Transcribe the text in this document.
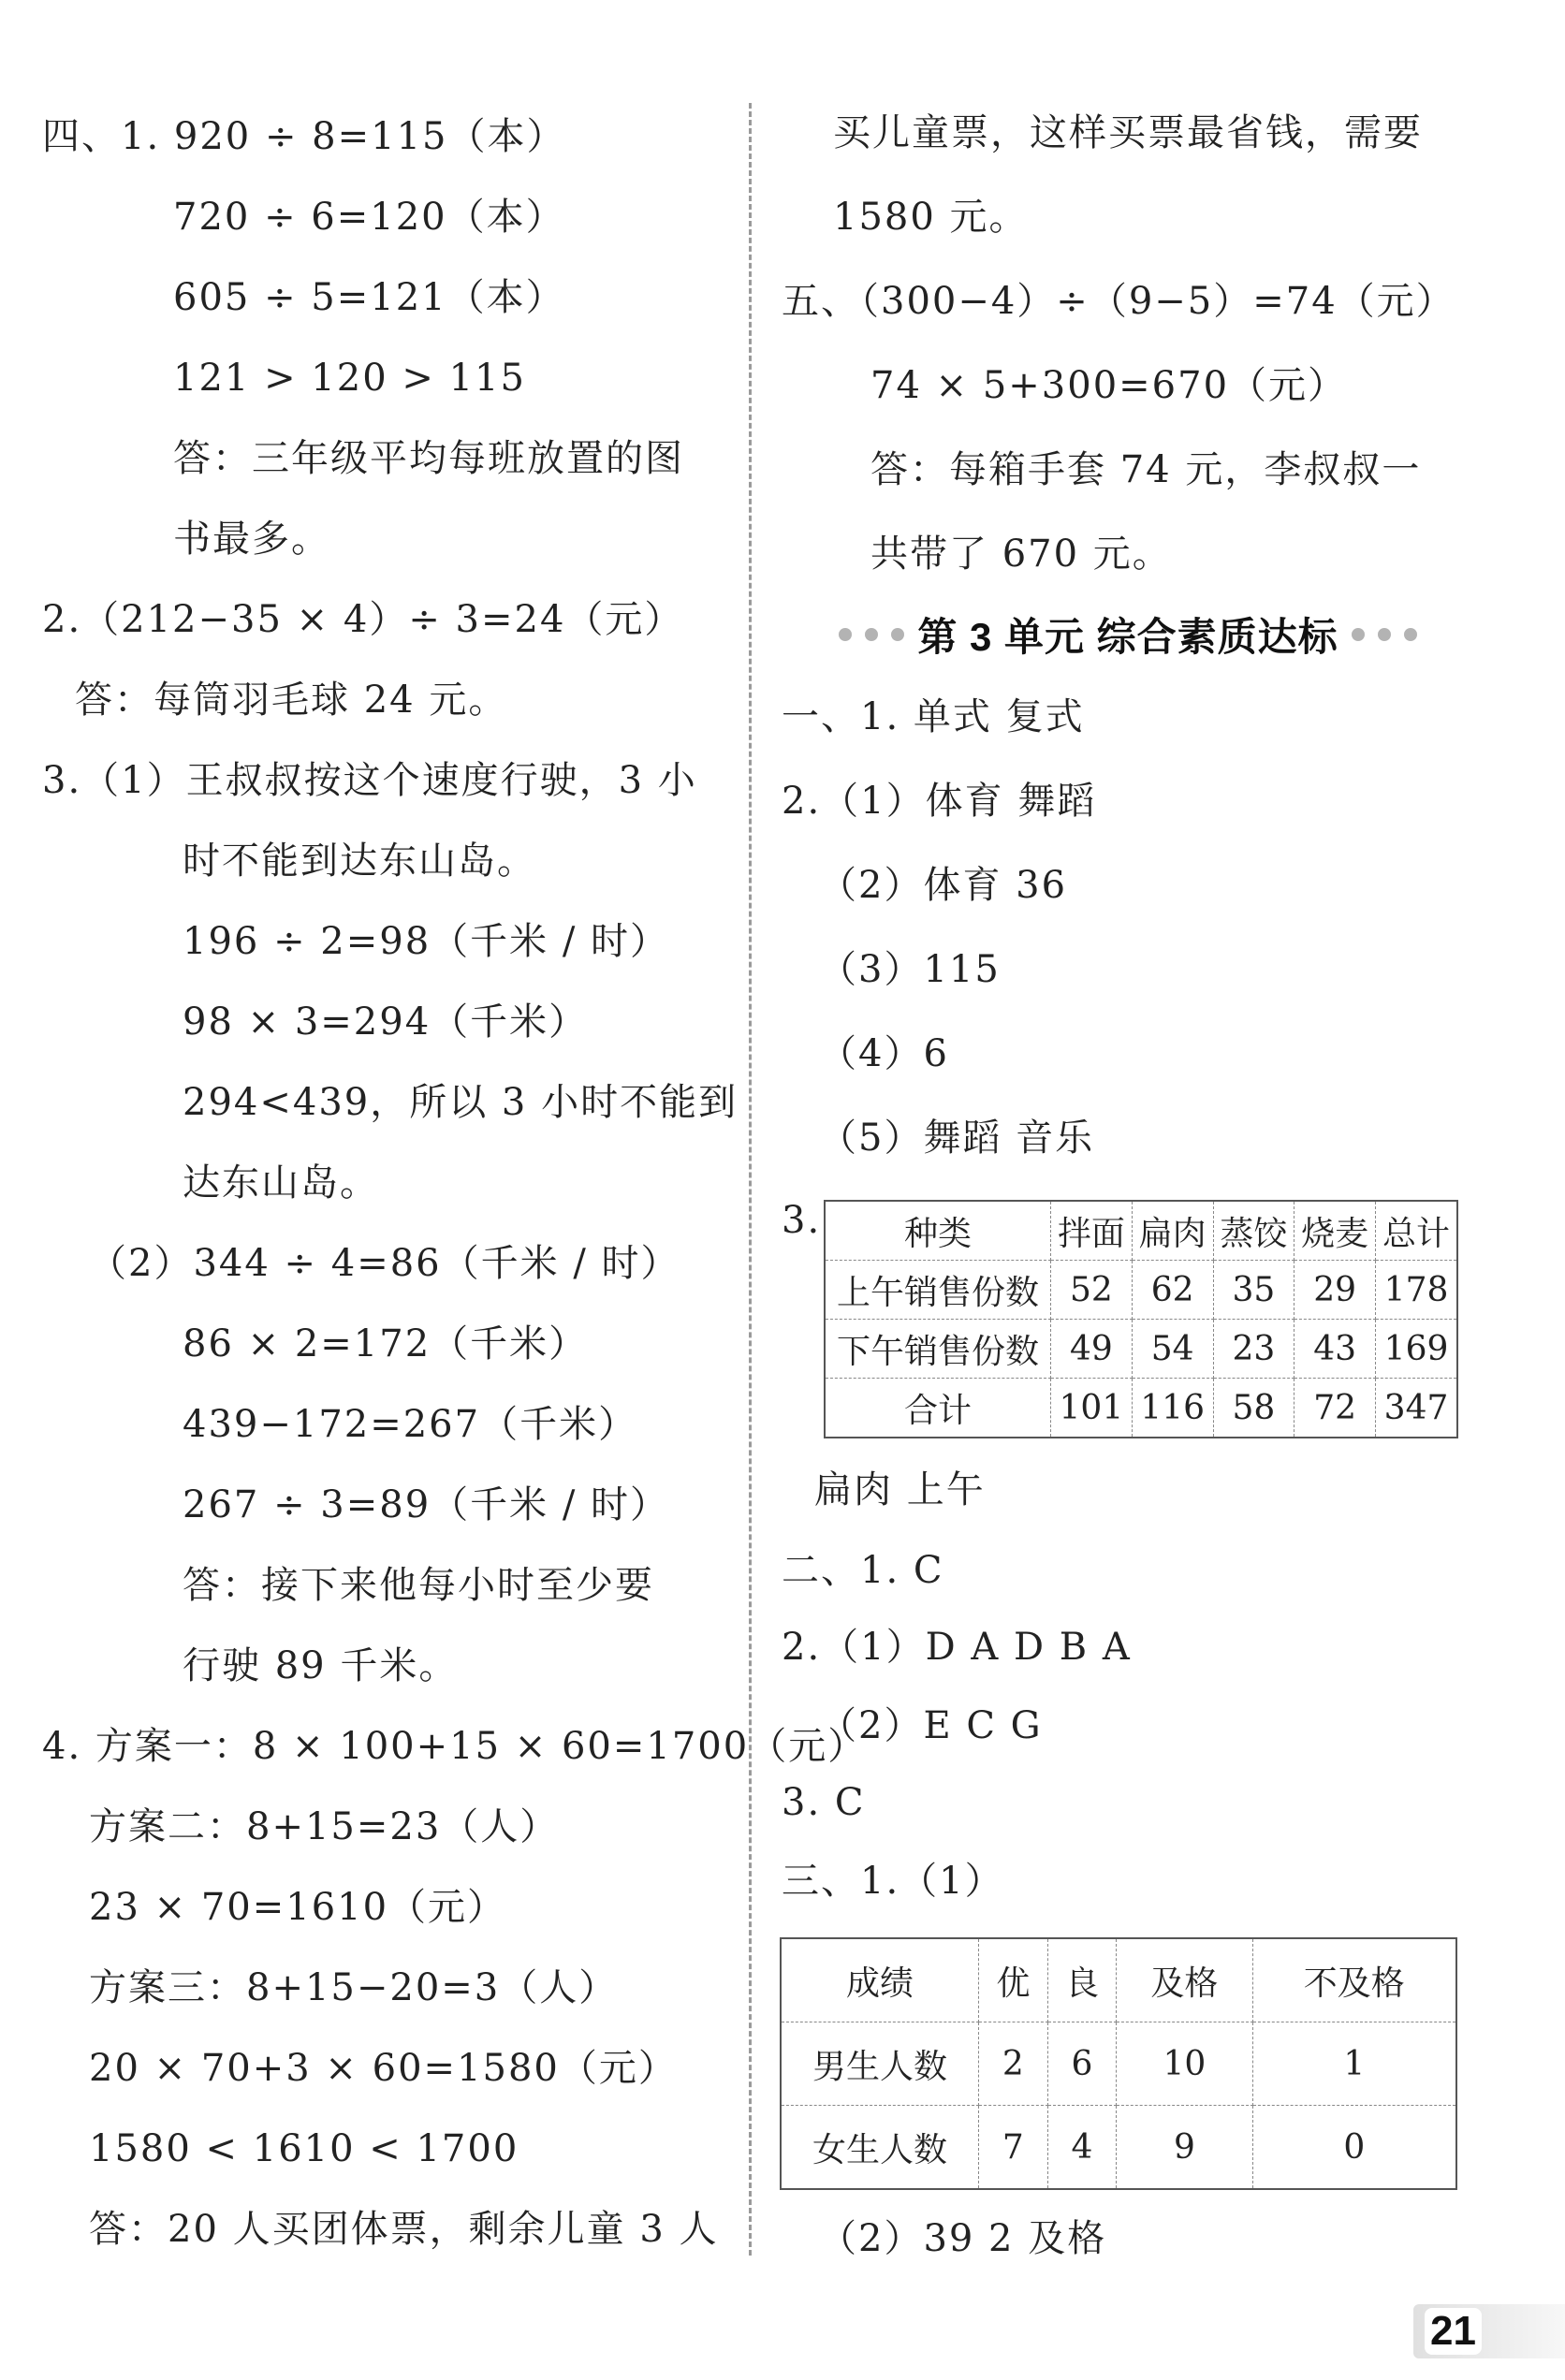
四、1. 920 ÷ 8=115（本）
720 ÷ 6=120（本）
605 ÷ 5=121（本）
121 > 120 > 115
答：三年级平均每班放置的图
书最多。
2.（212−35 × 4）÷ 3=24（元）
答：每筒羽毛球 24 元。
3.（1）王叔叔按这个速度行驶，3 小
时不能到达东山岛。
196 ÷ 2=98（千米 / 时）
98 × 3=294（千米）
294<439，所以 3 小时不能到
达东山岛。
（2）344 ÷ 4=86（千米 / 时）
86 × 2=172（千米）
439−172=267（千米）
267 ÷ 3=89（千米 / 时）
答：接下来他每小时至少要
行驶 89 千米。
4. 方案一：8 × 100+15 × 60=1700（元）
方案二：8+15=23（人）
23 × 70=1610（元）
方案三：8+15−20=3（人）
20 × 70+3 × 60=1580（元）
1580 < 1610 < 1700
答：20 人买团体票，剩余儿童 3 人
买儿童票，这样买票最省钱，需要
1580 元。
五、（300−4）÷（9−5）=74（元）
74 × 5+300=670（元）
答：每箱手套 74 元，李叔叔一
共带了 670 元。
第 3 单元 综合素质达标
一、1. 单式 复式
2.（1）体育 舞蹈
（2）体育 36
（3）115
（4）6
（5）舞蹈 音乐
3. 种类	拌面	扁肉	蒸饺	烧麦	总计
上午销售份数	52	62	35	29	178
下午销售份数	49	54	23	43	169
合计	101	116	58	72	347
扁肉 上午
二、1. C
2.（1）D A D B A
（2）E C G
3. C
三、1.（1）
成绩	优	良	及格	不及格
男生人数	2	6	10	1
女生人数	7	4	9	0
（2）39 2 及格
21
